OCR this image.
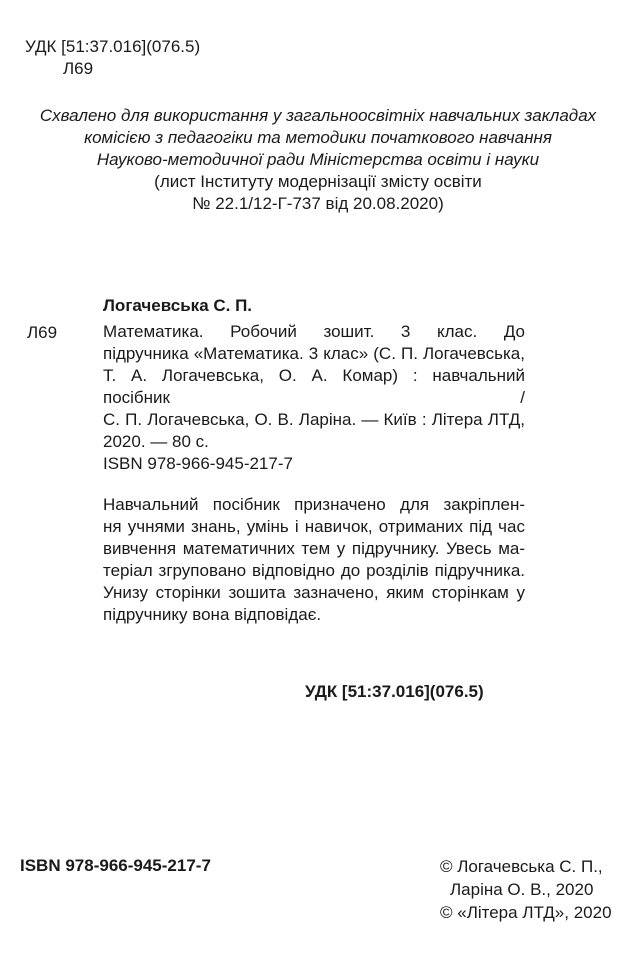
УДК [51:37.016](076.5)
Л69
Схвалено для використання у загальноосвітніх навчальних закладах
комісією з педагогіки та методики початкового навчання
Науково-методичної ради Міністерства освіти і науки
(лист Інституту модернізації змісту освіти
№ 22.1/12-Г-737 від 20.08.2020)
Логачевська С. П.
Л69	Математика. Робочий зошит. 3 клас. До
підручника «Математика. 3 клас» (С. П. Логачевська,
Т. А. Логачевська, О. А. Комар) : навчальний посібник /
С. П. Логачевська, О. В. Ларіна. — Київ : Літера ЛТД,
2020. — 80 с.
ISBN 978-966-945-217-7
Навчальний посібник призначено для закріплен-
ня учнями знань, умінь і навичок, отриманих під час
вивчення математичних тем у підручнику. Увесь ма-
теріал згруповано відповідно до розділів підручника.
Унизу сторінки зошита зазначено, яким сторінкам у
підручнику вона відповідає.
УДК [51:37.016](076.5)
ISBN 978-966-945-217-7	© Логачевська С. П.,
Ларіна О. В., 2020
© «Літера ЛТД», 2020
